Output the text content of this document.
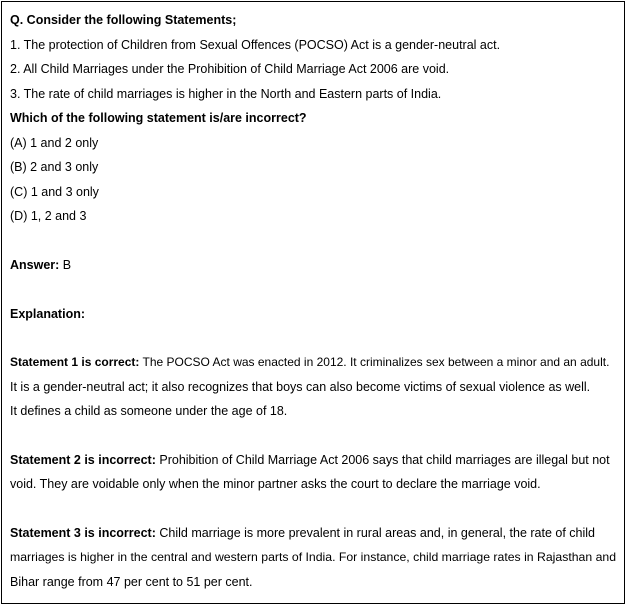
Q. Consider the following Statements;
1. The protection of Children from Sexual Offences (POCSO) Act is a gender-neutral act.
2. All Child Marriages under the Prohibition of Child Marriage Act 2006 are void.
3. The rate of child marriages is higher in the North and Eastern parts of India.
Which of the following statement is/are incorrect?
(A) 1 and 2 only
(B) 2 and 3 only
(C) 1 and 3 only
(D) 1, 2 and 3
Answer: B
Explanation:
Statement 1 is correct: The POCSO Act was enacted in 2012. It criminalizes sex between a minor and an adult.
It is a gender-neutral act; it also recognizes that boys can also become victims of sexual violence as well.
It defines a child as someone under the age of 18.
Statement 2 is incorrect: Prohibition of Child Marriage Act 2006 says that child marriages are illegal but not
void. They are voidable only when the minor partner asks the court to declare the marriage void.
Statement 3 is incorrect: Child marriage is more prevalent in rural areas and, in general, the rate of child
marriages is higher in the central and western parts of India. For instance, child marriage rates in Rajasthan and
Bihar range from 47 per cent to 51 per cent.
